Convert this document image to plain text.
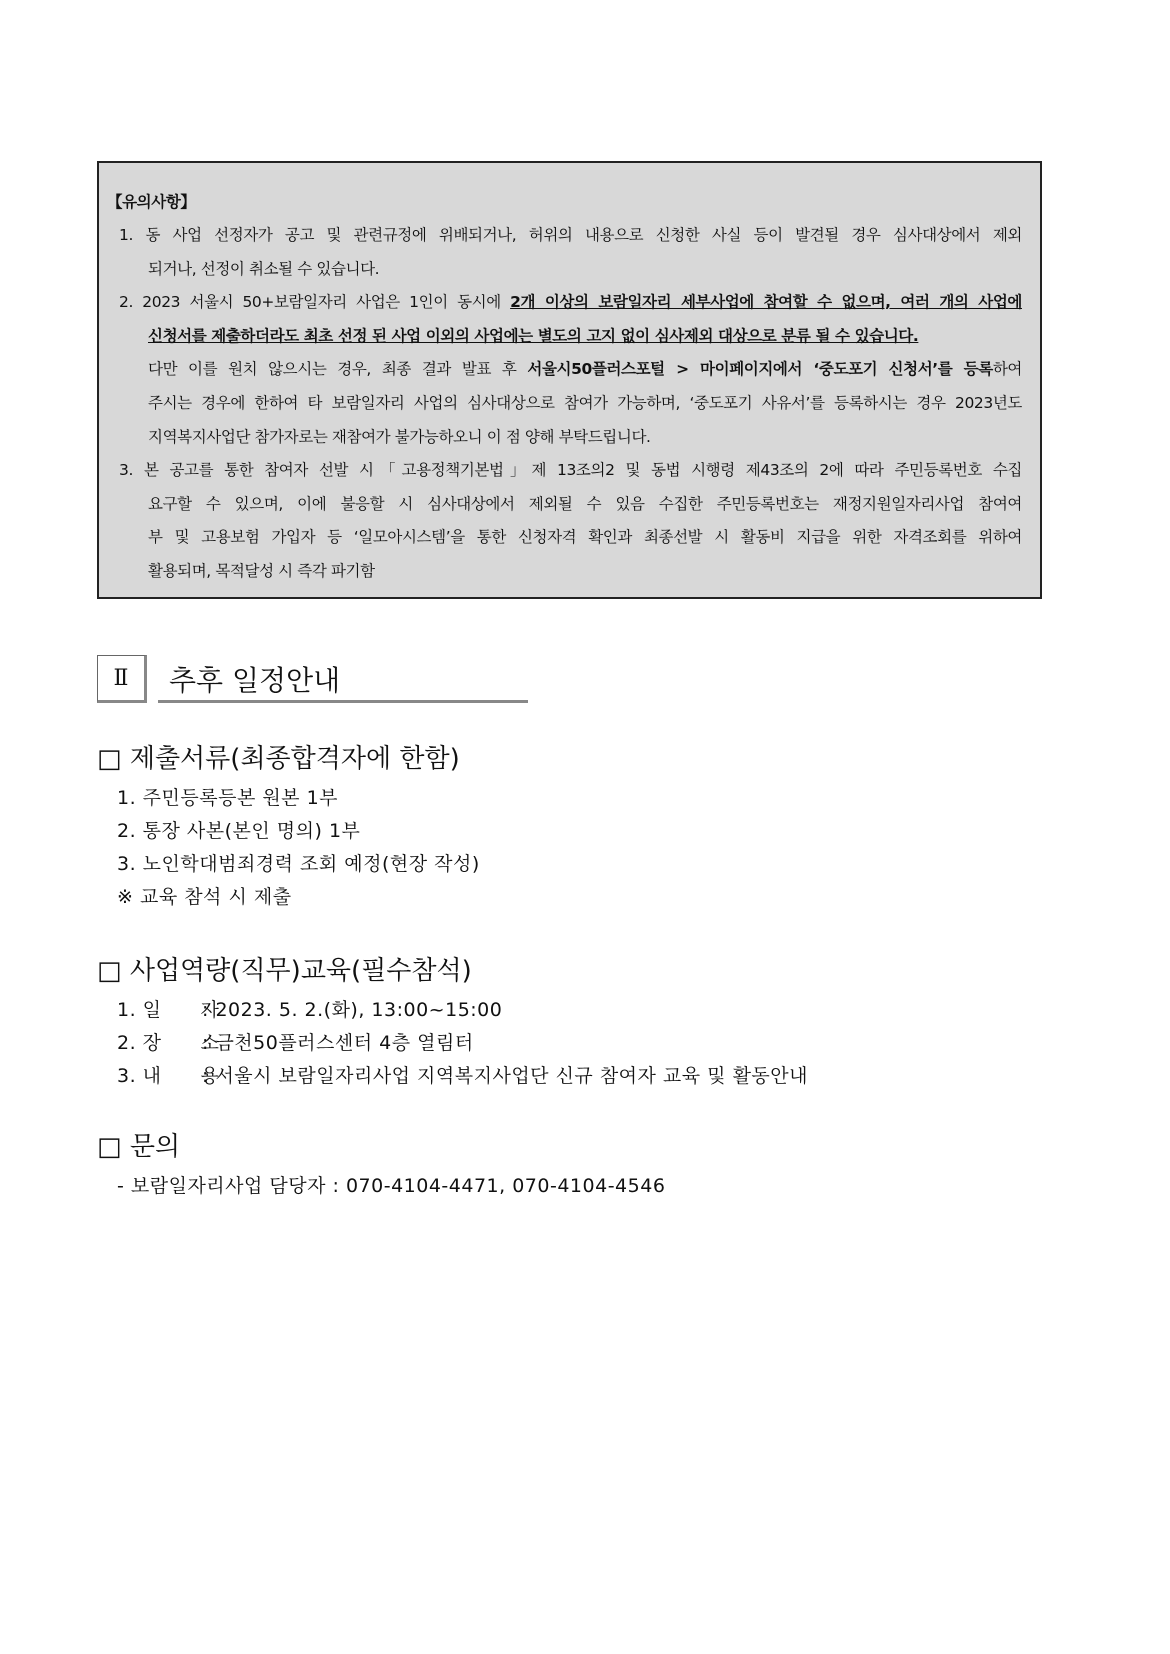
【유의사항】
1. 동 사업 선정자가 공고 및 관련규정에 위배되거나, 허위의 내용으로 신청한 사실 등이 발견될 경우 심사대상에서 제외
되거나, 선정이 취소될 수 있습니다.
2. 2023 서울시 50+보람일자리 사업은 1인이 동시에 2개 이상의 보람일자리 세부사업에 참여할 수 없으며, 여러 개의 사업에
신청서를 제출하더라도 최초 선정 된 사업 이외의 사업에는 별도의 고지 없이 심사제외 대상으로 분류 될 수 있습니다.
다만 이를 원치 않으시는 경우, 최종 결과 발표 후 서울시50플러스포털 > 마이페이지에서 ‘중도포기 신청서’를 등록하여
주시는 경우에 한하여 타 보람일자리 사업의 심사대상으로 참여가 가능하며, ‘중도포기 사유서’를 등록하시는 경우 2023년도
지역복지사업단 참가자로는 재참여가 불가능하오니 이 점 양해 부탁드립니다.
3. 본 공고를 통한 참여자 선발 시「고용정책기본법」제 13조의2 및 동법 시행령 제43조의 2에 따라 주민등록번호 수집
요구할 수 있으며, 이에 불응할 시 심사대상에서 제외될 수 있음 수집한 주민등록번호는 재정지원일자리사업 참여여
부 및 고용보험 가입자 등 ‘일모아시스템’을 통한 신청자격 확인과 최종선발 시 활동비 지급을 위한 자격조회를 위하여
활용되며, 목적달성 시 즉각 파기함
Ⅱ	추후 일정안내
□ 제출서류(최종합격자에 한함)
1. 주민등록등본 원본 1부
2. 통장 사본(본인 명의) 1부
3. 노인학대범죄경력 조회 예정(현장 작성)
※ 교육 참석 시 제출
□ 사업역량(직무)교육(필수참석)
1. 일　　자: 2023. 5. 2.(화), 13:00~15:00
2. 장　　소: 금천50플러스센터 4층 열림터
3. 내　　용: 서울시 보람일자리사업 지역복지사업단 신규 참여자 교육 및 활동안내
□ 문의
- 보람일자리사업 담당자 : 070-4104-4471, 070-4104-4546
